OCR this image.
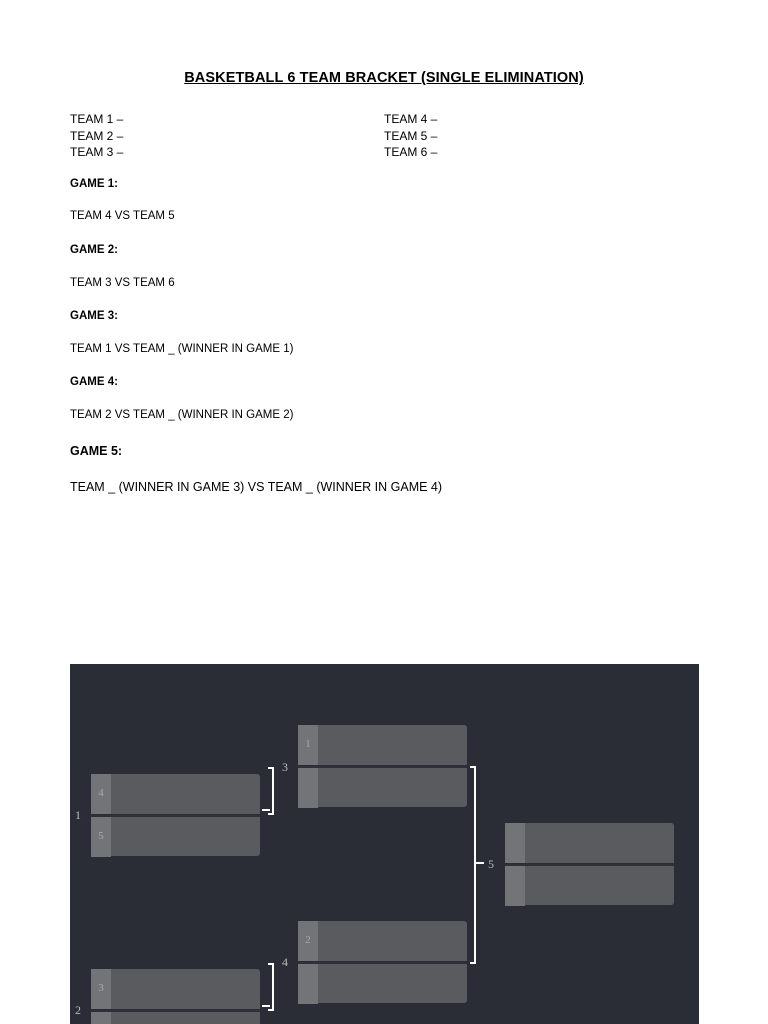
BASKETBALL 6 TEAM BRACKET (SINGLE ELIMINATION)
TEAM 1 –
TEAM 2 –
TEAM 3 –
TEAM 4 –
TEAM 5 –
TEAM 6 –
GAME 1:
TEAM 4 VS TEAM 5
GAME 2:
TEAM 3 VS TEAM 6
GAME 3:
TEAM 1 VS TEAM _ (WINNER IN GAME 1)
GAME 4:
TEAM 2 VS TEAM _ (WINNER IN GAME 2)
GAME 5:
TEAM _ (WINNER IN GAME 3) VS TEAM _ (WINNER IN GAME 4)
1
4
5
3
1
5
4
2
2
3
